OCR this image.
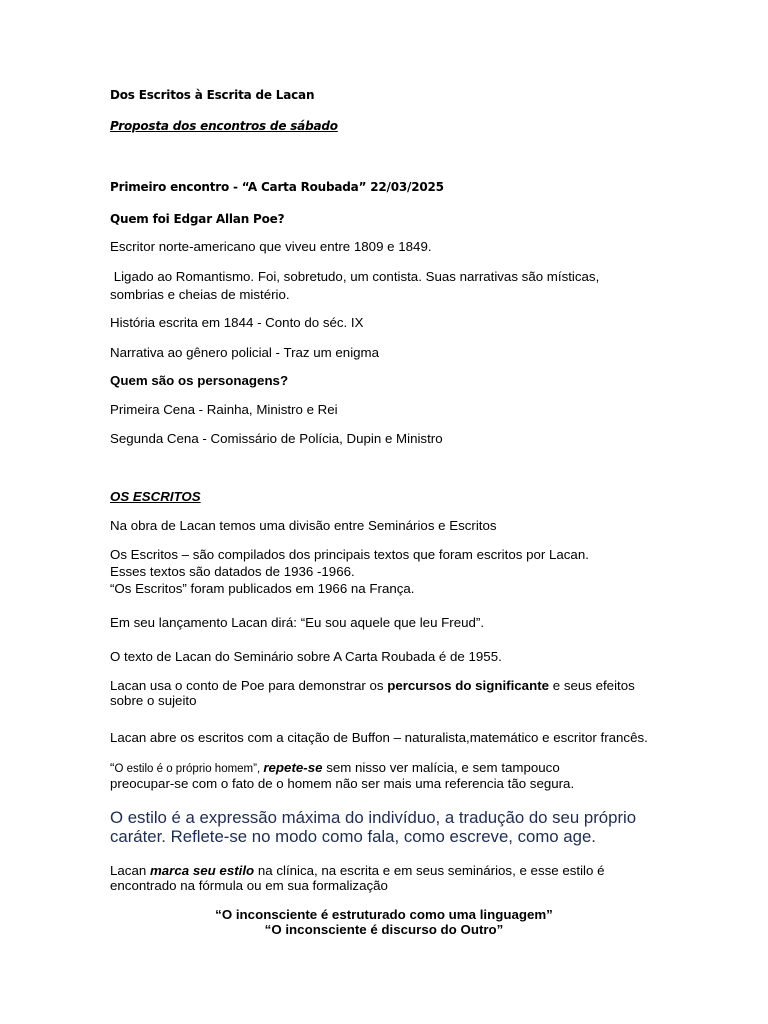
Dos Escritos à Escrita de Lacan

Proposta dos encontros de sábado

Primeiro encontro - “A Carta Roubada” 22/03/2025

Quem foi Edgar Allan Poe?

Escritor norte-americano que viveu entre 1809 e 1849.

Ligado ao Romantismo. Foi, sobretudo, um contista. Suas narrativas são místicas,

sombrias e cheias de mistério.

História escrita em 1844 - Conto do séc. IX

Narrativa ao gênero policial - Traz um enigma

Quem são os personagens?

Primeira Cena - Rainha, Ministro e Rei

Segunda Cena - Comissário de Polícia, Dupin e Ministro

OS ESCRITOS

Na obra de Lacan temos uma divisão entre Seminários e Escritos

Os Escritos – são compilados dos principais textos que foram escritos por Lacan.

Esses textos são datados de 1936 -1966.

“Os Escritos” foram publicados em 1966 na França.

Em seu lançamento Lacan dirá: “Eu sou aquele que leu Freud”.

O texto de Lacan do Seminário sobre A Carta Roubada é de 1955.

Lacan usa o conto de Poe para demonstrar os percursos do significante e seus efeitos

sobre o sujeito

Lacan abre os escritos com a citação de Buffon – naturalista,matemático e escritor francês.

“O estilo é o próprio homem”, repete-se sem nisso ver malícia, e sem tampouco

preocupar-se com o fato de o homem não ser mais uma referencia tão segura.

O estilo é a expressão máxima do indivíduo, a tradução do seu próprio

caráter. Reflete-se no modo como fala, como escreve, como age.

Lacan marca seu estilo na clínica, na escrita e em seus seminários, e esse estilo é

encontrado na fórmula ou em sua formalização

“O inconsciente é estruturado como uma linguagem”

“O inconsciente é discurso do Outro”
